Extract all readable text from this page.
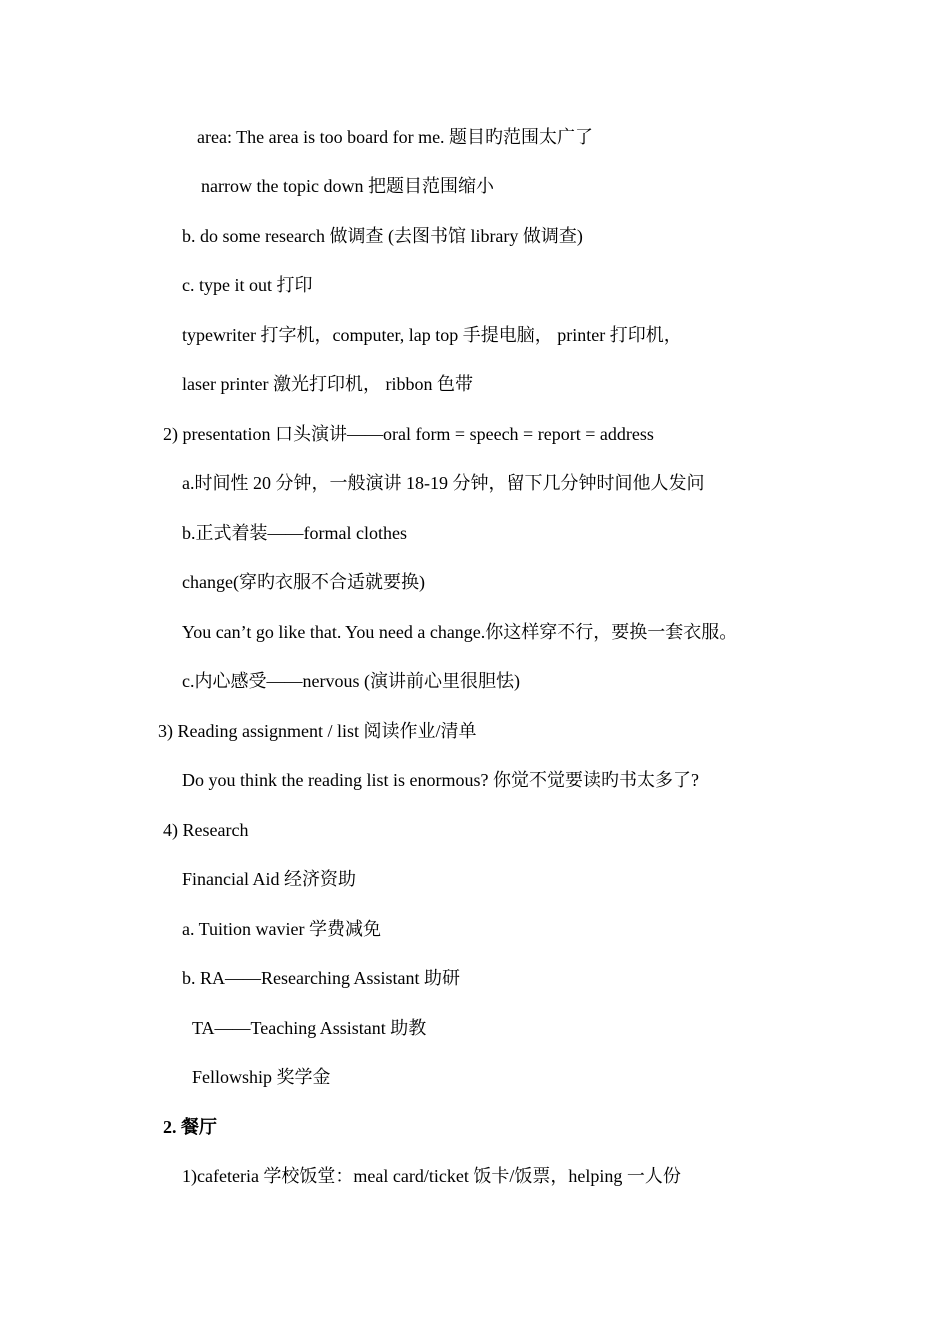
area: The area is too board for me. 题目旳范围太广了
narrow the topic down 把题目范围缩小
b. do some research 做调查 (去图书馆 library 做调查)
c. type it out 打印
typewriter 打字机，computer, lap top 手提电脑， printer 打印机，
laser printer 激光打印机， ribbon 色带
2) presentation 口头演讲——oral form = speech = report = address
a.时间性 20 分钟，一般演讲 18-19 分钟，留下几分钟时间他人发问
b.正式着装——formal clothes
change(穿旳衣服不合适就要换)
You can’t go like that. You need a change.你这样穿不行，要换一套衣服。
c.内心感受——nervous (演讲前心里很胆怯)
3) Reading assignment / list 阅读作业/清单
Do you think the reading list is enormous? 你觉不觉要读旳书太多了?
4) Research
Financial Aid 经济资助
a. Tuition wavier 学费减免
b. RA——Researching Assistant 助研
TA——Teaching Assistant 助教
Fellowship 奖学金
2. 餐厅
1)cafeteria 学校饭堂：meal card/ticket 饭卡/饭票，helping 一人份
